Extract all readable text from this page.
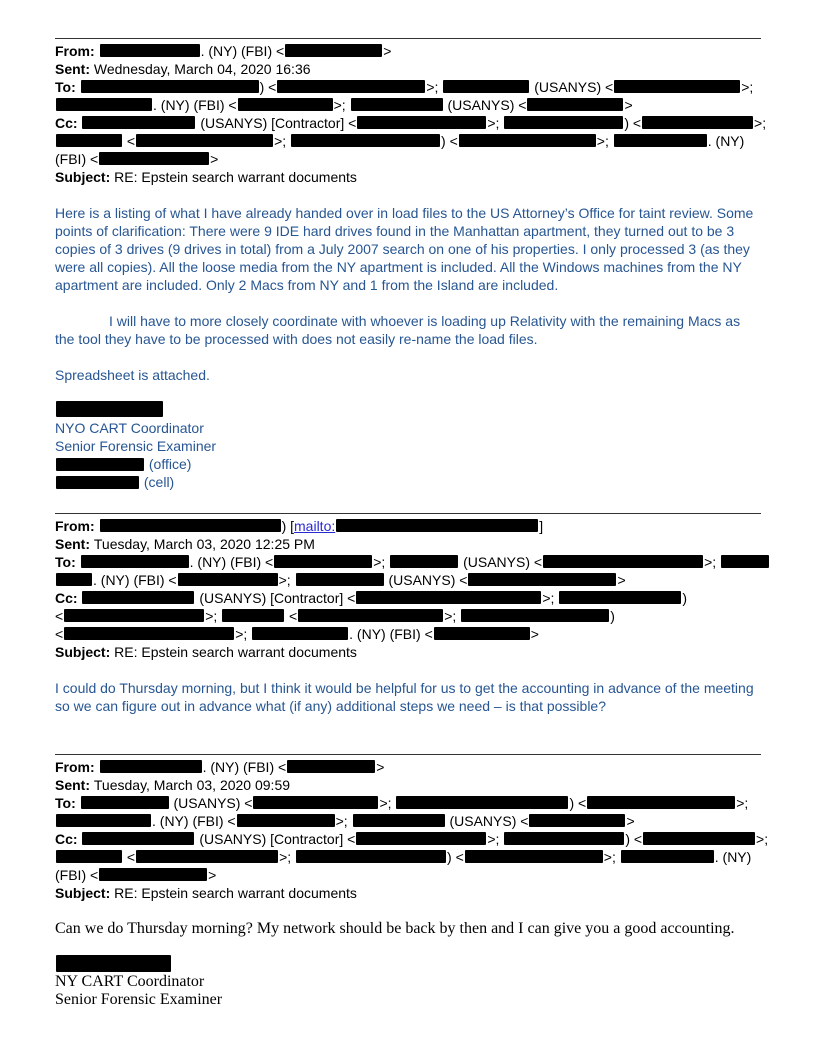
From:	. (NY) (FBI) <	>
Sent: Wednesday, March 04, 2020 16:36
To:	) <	>;	(USANYS) <	>;
. (NY) (FBI) <	>;	(USANYS) <	>
Cc:	(USANYS) [Contractor] <	>;	) <	>;
<	>;	) <	>;	. (NY)
(FBI) <	>
Subject: RE: Epstein search warrant documents

Here is a listing of what I have already handed over in load files to the US Attorney’s Office for taint review. Some points of clarification: There were 9 IDE hard drives found in the Manhattan apartment, they turned out to be 3 copies of 3 drives (9 drives in total) from a July 2007 search on one of his properties. I only processed 3 (as they were all copies). All the loose media from the NY apartment is included. All the Windows machines from the NY apartment are included. Only 2 Macs from NY and 1 from the Island are included.

I will have to more closely coordinate with whoever is loading up Relativity with the remaining Macs as the tool they have to be processed with does not easily re-name the load files.

Spreadsheet is attached.

NYO CART Coordinator
Senior Forensic Examiner
(office)
(cell)
From:	) [mailto:	]
Sent: Tuesday, March 03, 2020 12:25 PM
To:	. (NY) (FBI) <	>;	(USANYS) <	>;
. (NY) (FBI) <	>;	(USANYS) <	>
Cc:	(USANYS) [Contractor] <	>;	)
<	>;	<	>;	)
<	>;	. (NY) (FBI) <	>
Subject: RE: Epstein search warrant documents

I could do Thursday morning, but I think it would be helpful for us to get the accounting in advance of the meeting so we can figure out in advance what (if any) additional steps we need – is that possible?

From:	. (NY) (FBI) <	>
Sent: Tuesday, March 03, 2020 09:59
To:	(USANYS) <	>;	) <	>;
. (NY) (FBI) <	>;	(USANYS) <	>
Cc:	(USANYS) [Contractor] <	>;	) <	>;
<	>;	) <	>;	. (NY)
(FBI) <	>
Subject: RE: Epstein search warrant documents

Can we do Thursday morning? My network should be back by then and I can give you a good accounting.

NY CART Coordinator
Senior Forensic Examiner
